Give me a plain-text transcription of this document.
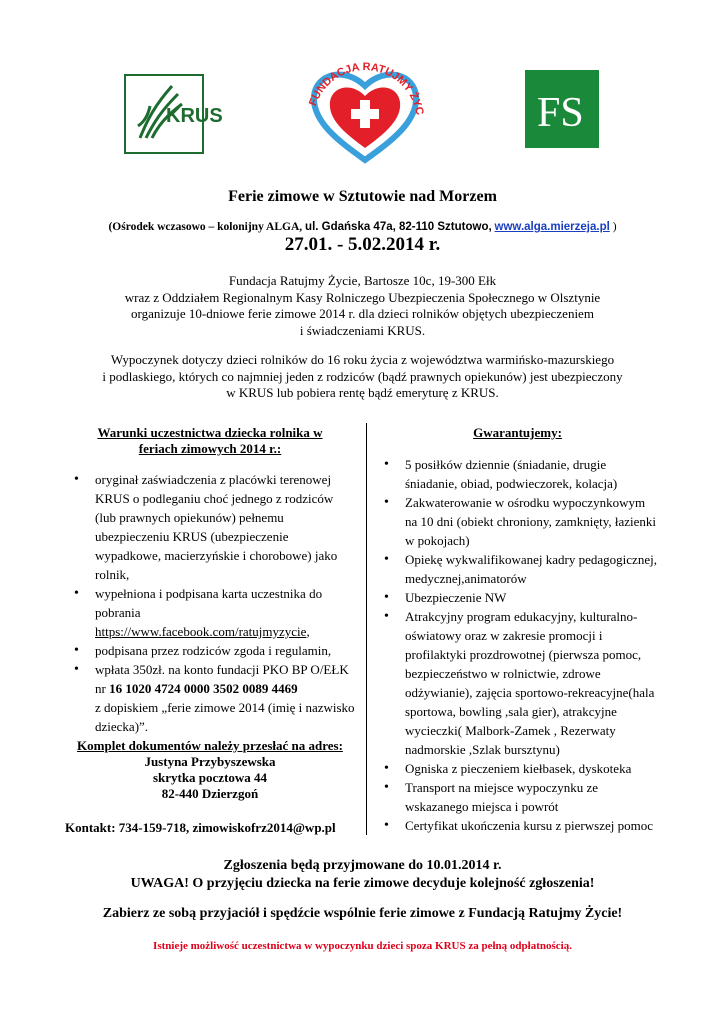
KRUS
FUNDACJA RATUJMY ŻYC	FS
Ferie zimowe w Sztutowie nad Morzem
(Ośrodek wczasowo – kolonijny ALGA, ul. Gdańska 47a, 82-110 Sztutowo, www.alga.mierzeja.pl )
27.01. - 5.02.2014 r.
Fundacja Ratujmy Życie, Bartosze 10c, 19-300 Ełk
wraz z Oddziałem Regionalnym Kasy Rolniczego Ubezpieczenia Społecznego w Olsztynie
organizuje 10-dniowe ferie zimowe 2014 r. dla dzieci rolników objętych ubezpieczeniem
i świadczeniami KRUS.
Wypoczynek dotyczy dzieci rolników do 16 roku życia z województwa warmińsko-mazurskiego
i podlaskiego, których co najmniej jeden z rodziców (bądź prawnych opiekunów) jest ubezpieczony
w KRUS lub pobiera rentę bądź emeryturę z KRUS.
Warunki uczestnictwa dziecka rolnika w
feriach zimowych 2014 r.:
• oryginał zaświadczenia z placówki terenowej KRUS o podleganiu choć jednego z rodziców (lub prawnych opiekunów) pełnemu ubezpieczeniu KRUS (ubezpieczenie wypadkowe, macierzyńskie i chorobowe) jako rolnik,
• wypełniona i podpisana karta uczestnika do pobrania https://www.facebook.com/ratujmyzycie,
• podpisana przez rodziców zgoda i regulamin,
• wpłata 350zł. na konto fundacji PKO BP O/EŁK
nr 16 1020 4724 0000 3502 0089 4469
z dopiskiem „ferie zimowe 2014 (imię i nazwisko dziecka)”.
Komplet dokumentów należy przesłać na adres:
Justyna Przybyszewska
skrytka pocztowa 44
82-440 Dzierzgoń
Kontakt: 734-159-718, zimowiskofrz2014@wp.pl
Gwarantujemy:
• 5 posiłków dziennie (śniadanie, drugie śniadanie, obiad, podwieczorek, kolacja)
• Zakwaterowanie w ośrodku wypoczynkowym na 10 dni (obiekt chroniony, zamknięty, łazienki w pokojach)
• Opiekę wykwalifikowanej kadry pedagogicznej, medycznej,animatorów
• Ubezpieczenie NW
• Atrakcyjny program edukacyjny, kulturalno-oświatowy oraz w zakresie promocji i profilaktyki prozdrowotnej (pierwsza pomoc, bezpieczeństwo w rolnictwie, zdrowe odżywianie), zajęcia sportowo-rekreacyjne(hala sportowa, bowling ,sala gier), atrakcyjne wycieczki( Malbork-Zamek , Rezerwaty nadmorskie ,Szlak bursztynu)
• Ogniska z pieczeniem kiełbasek, dyskoteka
• Transport na miejsce wypoczynku ze wskazanego miejsca i powrót
• Certyfikat ukończenia kursu z pierwszej pomoc
Zgłoszenia będą przyjmowane do 10.01.2014 r.
UWAGA! O przyjęciu dziecka na ferie zimowe decyduje kolejność zgłoszenia!
Zabierz ze sobą przyjaciół i spędźcie wspólnie ferie zimowe z Fundacją Ratujmy Życie!
Istnieje możliwość uczestnictwa w wypoczynku dzieci spoza KRUS za pełną odpłatnością.
